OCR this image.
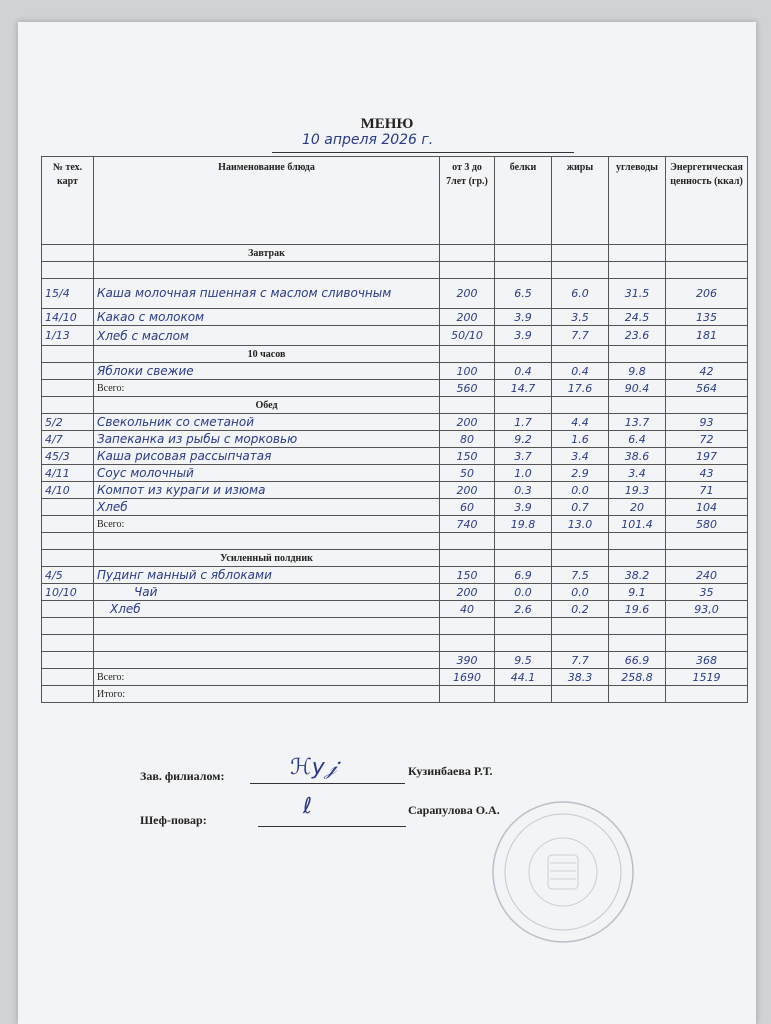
МЕНЮ
10 апреля 2026 г.
№ тех. карт	Наименование блюда	от 3 до 7лет (гр.)	белки	жиры	углеводы	Энергетическая ценность (ккал)
	Завтрак					

15/4	Каша молочная пшенная с маслом сливочным	200	6.5	6.0	31.5	206
14/10	Какао с молоком	200	3.9	3.5	24.5	135
1/13	Хлеб с маслом	50/10	3.9	7.7	23.6	181
	10 часов					
	Яблоки свежие	100	0.4	0.4	9.8	42
	Всего:	560	14.7	17.6	90.4	564
	Обед					
5/2	Свекольник со сметаной	200	1.7	4.4	13.7	93
4/7	Запеканка из рыбы с морковью	80	9.2	1.6	6.4	72
45/3	Каша рисовая рассыпчатая	150	3.7	3.4	38.6	197
4/11	Соус молочный	50	1.0	2.9	3.4	43
4/10	Компот из кураги и изюма	200	0.3	0.0	19.3	71
	Хлеб	60	3.9	0.7	20	104
	Всего:	740	19.8	13.0	101.4	580

	Усиленный полдник					
4/5	Пудинг манный с яблоками	150	6.9	7.5	38.2	240
10/10	Чай	200	0.0	0.0	9.1	35
	Хлеб	40	2.6	0.2	19.6	93,0

		390	9.5	7.7	66.9	368
	Всего:	1690	44.1	38.3	258.8	1519
	Итого:					
Зав. филиалом:	ℋу𝒿	Кузинбаева Р.Т.
Шеф-повар:
ℓ	Сарапулова О.А.
